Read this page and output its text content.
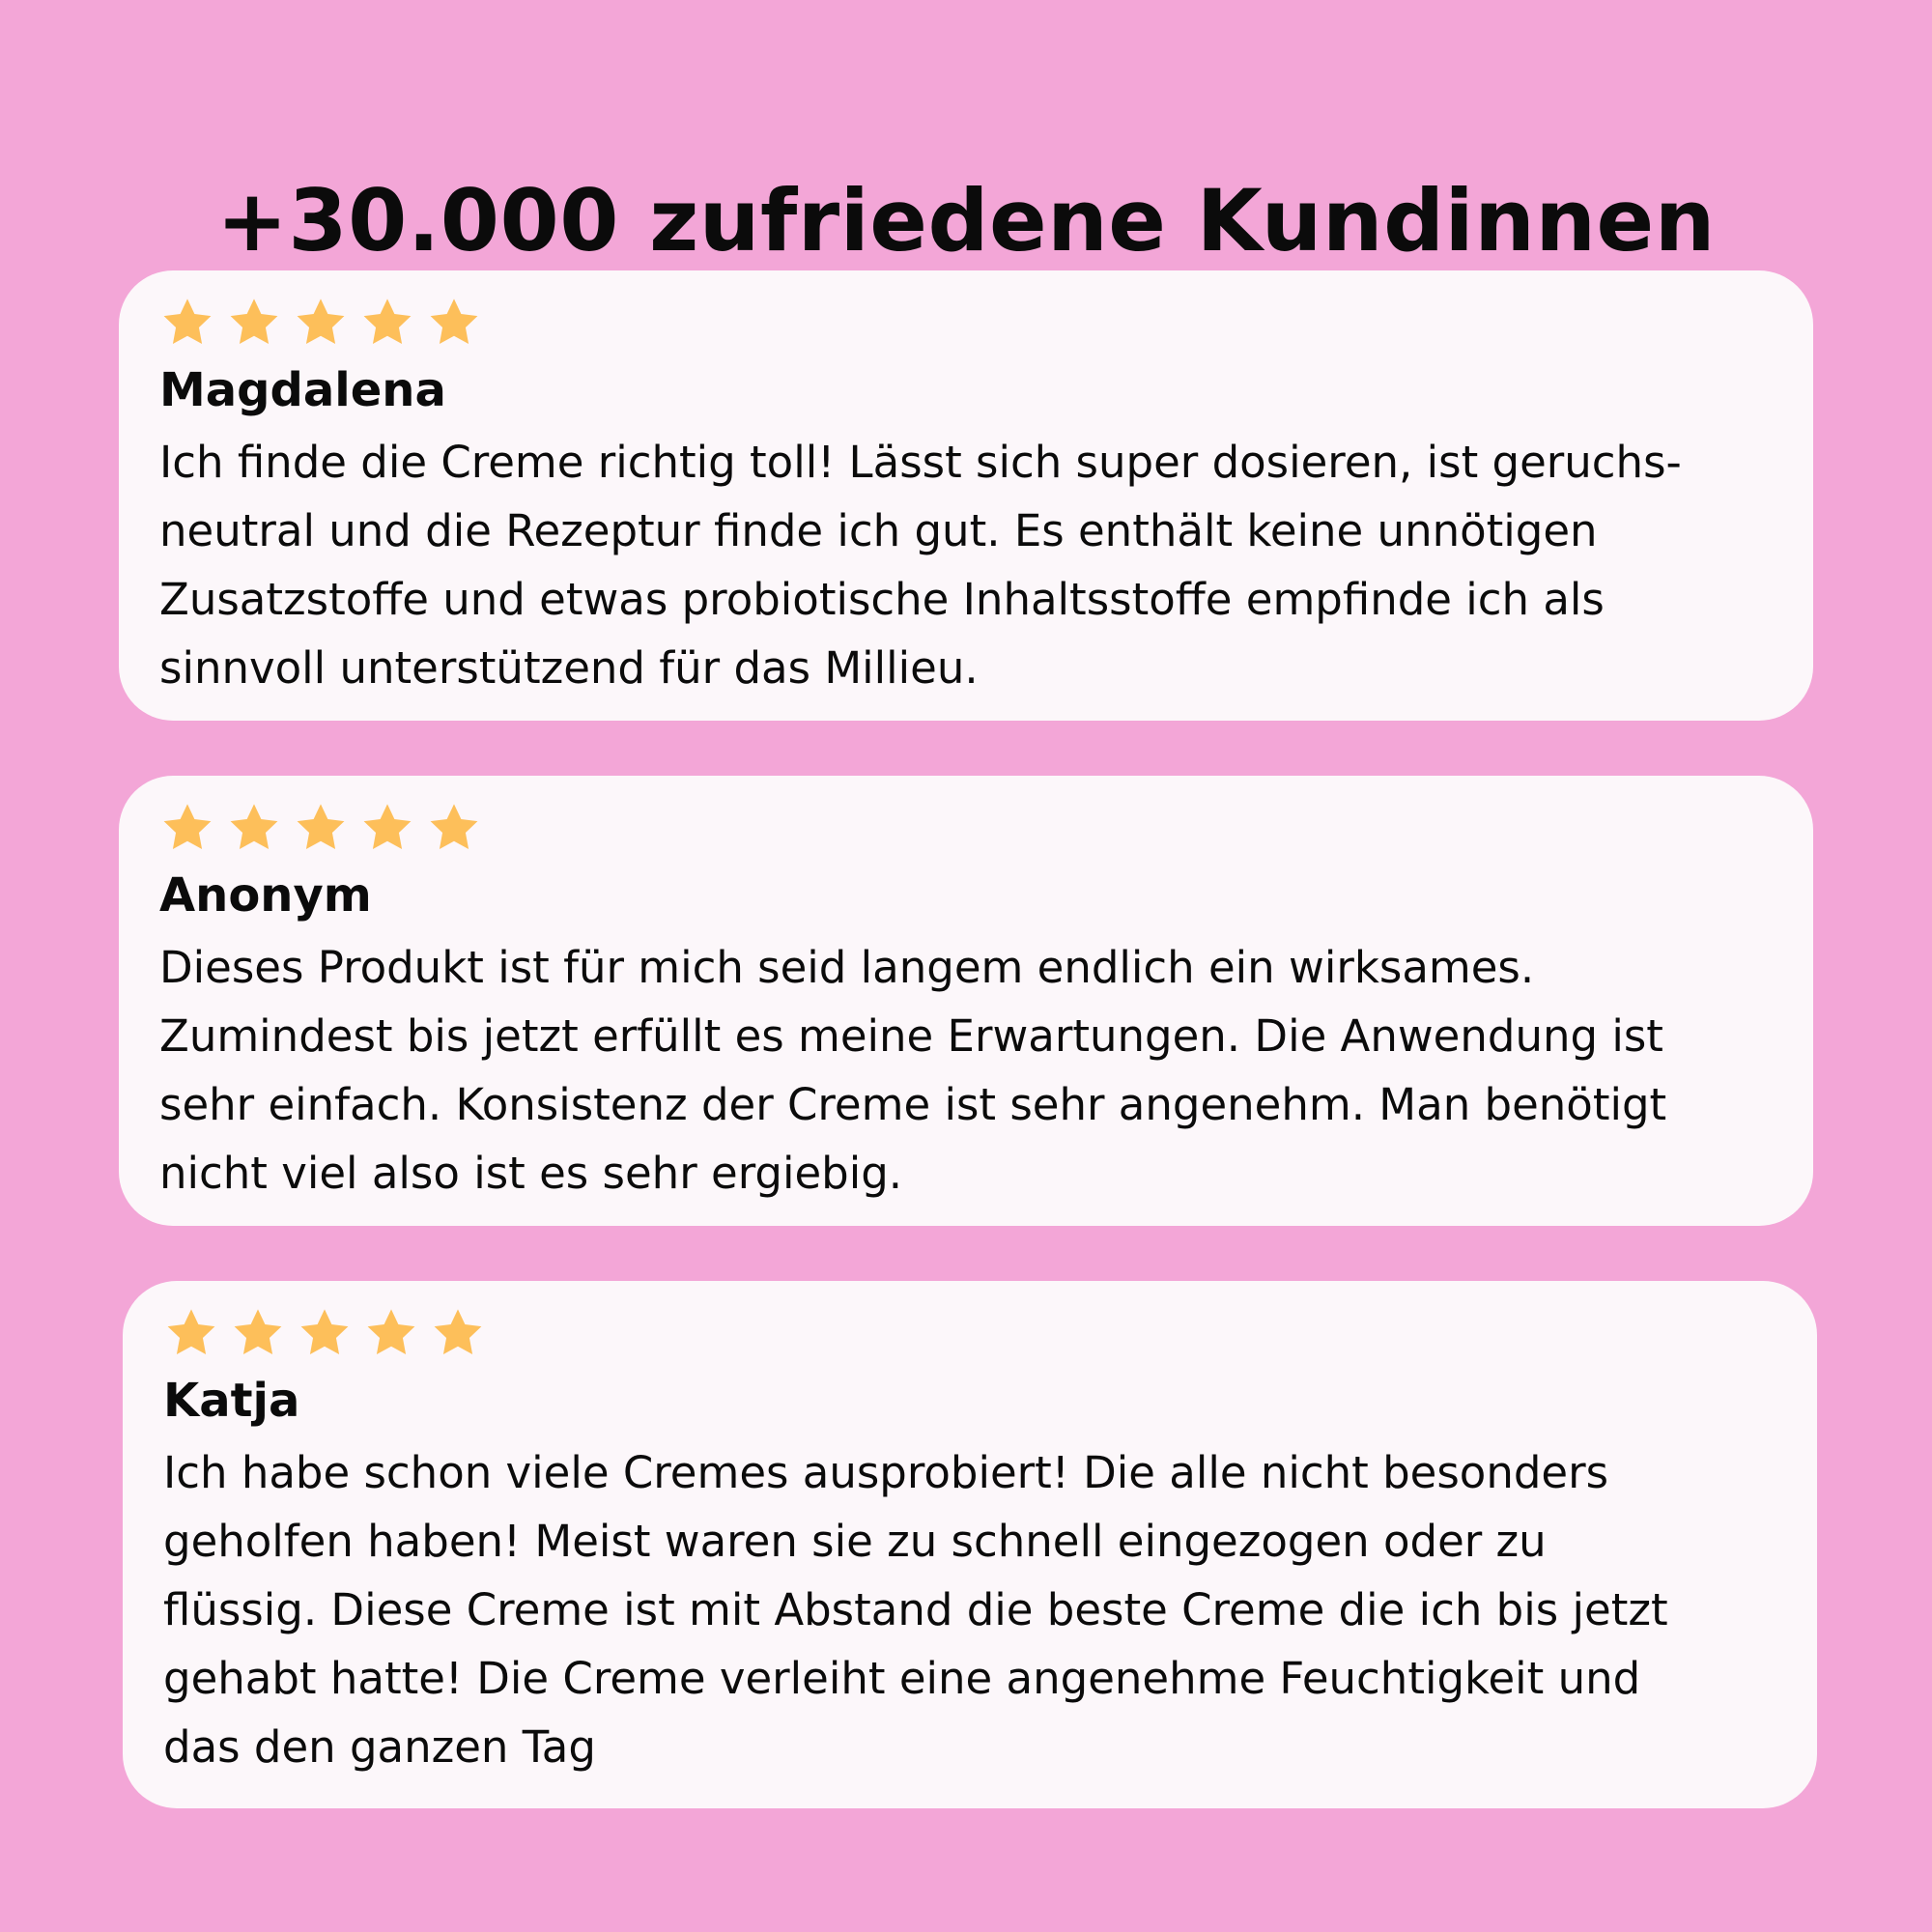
+30.000 zufriedene Kundinnen
Magdalena
Ich finde die Creme richtig toll! Lässt sich super dosieren, ist geruchs-
neutral und die Rezeptur finde ich gut. Es enthält keine unnötigen
Zusatzstoffe und etwas probiotische Inhaltsstoffe empfinde ich als
sinnvoll unterstützend für das Millieu.
Anonym
Dieses Produkt ist für mich seid langem endlich ein wirksames.
Zumindest bis jetzt erfüllt es meine Erwartungen. Die Anwendung ist
sehr einfach. Konsistenz der Creme ist sehr angenehm. Man benötigt
nicht viel also ist es sehr ergiebig.
Katja
Ich habe schon viele Cremes ausprobiert! Die alle nicht besonders
geholfen haben! Meist waren sie zu schnell eingezogen oder zu
flüssig. Diese Creme ist mit Abstand die beste Creme die ich bis jetzt
gehabt hatte! Die Creme verleiht eine angenehme Feuchtigkeit und
das den ganzen Tag
